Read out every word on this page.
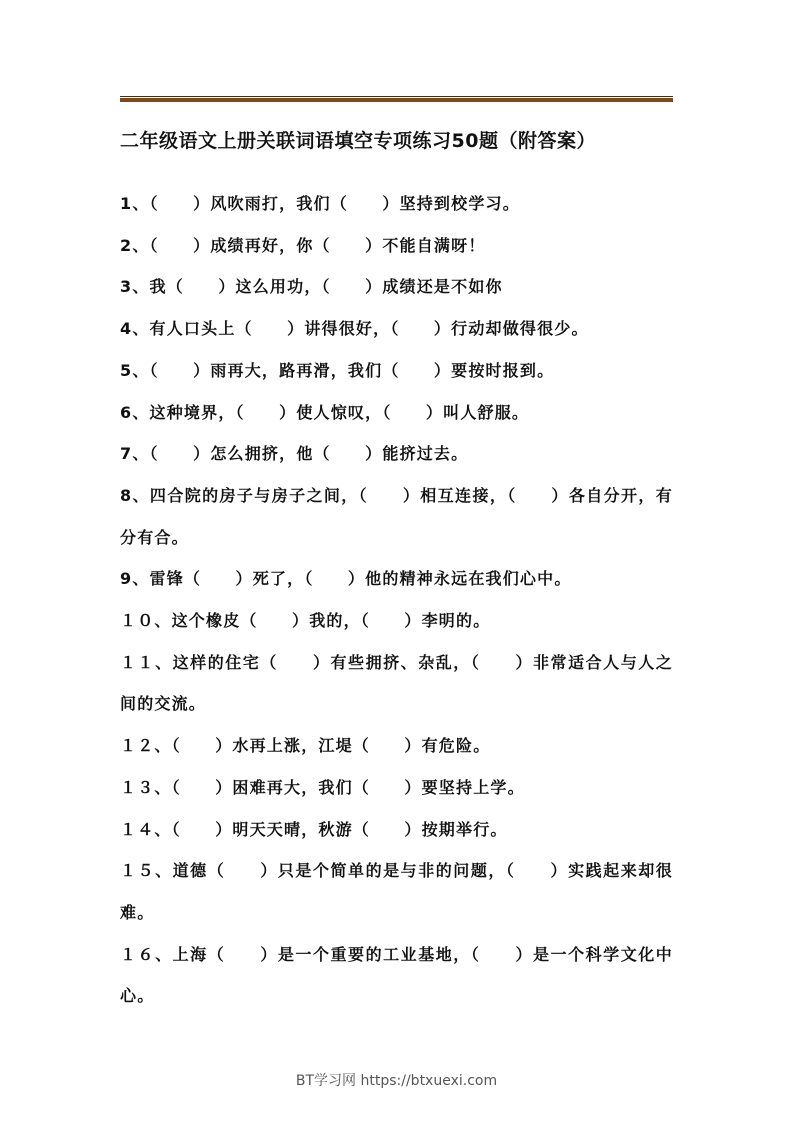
二年级语文上册关联词语填空专项练习50题（附答案）
1、（　　）风吹雨打，我们（　　）坚持到校学习。
2、（　　）成绩再好，你（　　）不能自满呀！
3、我（　　）这么用功，（　　）成绩还是不如你
4、有人口头上（　　）讲得很好，（　　）行动却做得很少。
5、（　　）雨再大，路再滑，我们（　　）要按时报到。
6、这种境界，（　　）使人惊叹，（　　）叫人舒服。
7、（　　）怎么拥挤，他（　　）能挤过去。
8、四合院的房子与房子之间，（　　）相互连接，（　　）各自分开，有分有合。
9、雷锋（　　）死了，（　　）他的精神永远在我们心中。
１０、这个橡皮（　　）我的，（　　）李明的。
１１、这样的住宅（　　）有些拥挤、杂乱，（　　）非常适合人与人之间的交流。
１２、（　　）水再上涨，江堤（　　）有危险。
１３、（　　）困难再大，我们（　　）要坚持上学。
１４、（　　）明天天晴，秋游（　　）按期举行。
１５、道德（　　）只是个简单的是与非的问题，（　　）实践起来却很难。
１６、上海（　　）是一个重要的工业基地，（　　）是一个科学文化中心。
BT学习网 https://btxuexi.com
